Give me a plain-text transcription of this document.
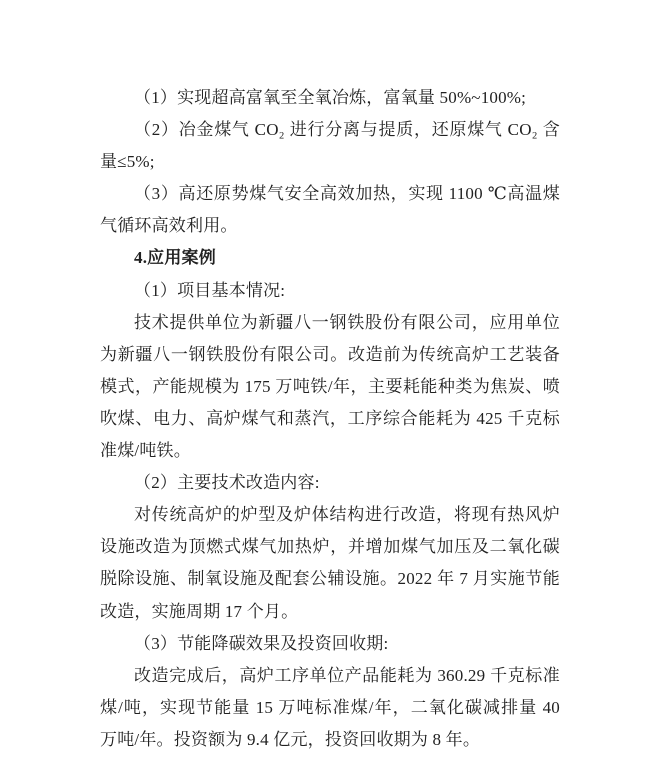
（1）实现超高富氧至全氧冶炼，富氧量 50%~100%;

（2）冶金煤气 CO₂ 进行分离与提质，还原煤气 CO₂ 含
量≤5%;

（3）高还原势煤气安全高效加热，实现 1100 ℃高温煤
气循环高效利用。

4.应用案例

（1）项目基本情况:

技术提供单位为新疆八一钢铁股份有限公司，应用单位
为新疆八一钢铁股份有限公司。改造前为传统高炉工艺装备
模式，产能规模为 175 万吨铁/年，主要耗能种类为焦炭、喷
吹煤、电力、高炉煤气和蒸汽，工序综合能耗为 425 千克标
准煤/吨铁。

（2）主要技术改造内容:

对传统高炉的炉型及炉体结构进行改造，将现有热风炉
设施改造为顶燃式煤气加热炉，并增加煤气加压及二氧化碳
脱除设施、制氧设施及配套公辅设施。2022 年 7 月实施节能
改造，实施周期 17 个月。

（3）节能降碳效果及投资回收期:

改造完成后，高炉工序单位产品能耗为 360.29 千克标准
煤/吨，实现节能量 15 万吨标准煤/年，二氧化碳减排量 40
万吨/年。投资额为 9.4 亿元，投资回收期为 8 年。
